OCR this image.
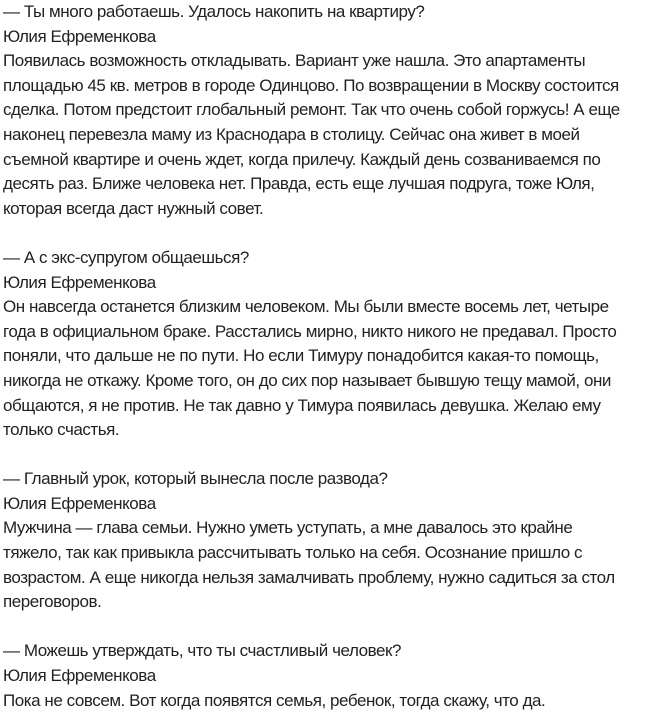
— Ты много работаешь. Удалось накопить на квартиру?
Юлия Ефременкова
Появилась возможность откладывать. Вариант уже нашла. Это апартаменты
площадью 45 кв. метров в городе Одинцово. По возвращении в Москву состоится
сделка. Потом предстоит глобальный ремонт. Так что очень собой горжусь! А еще
наконец перевезла маму из Краснодара в столицу. Сейчас она живет в моей
съемной квартире и очень ждет, когда прилечу. Каждый день созваниваемся по
десять раз. Ближе человека нет. Правда, есть еще лучшая подруга, тоже Юля,
которая всегда даст нужный совет.
— А с экс-супругом общаешься?
Юлия Ефременкова
Он навсегда останется близким человеком. Мы были вместе восемь лет, четыре
года в официальном браке. Расстались мирно, никто никого не предавал. Просто
поняли, что дальше не по пути. Но если Тимуру понадобится какая-то помощь,
никогда не откажу. Кроме того, он до сих пор называет бывшую тещу мамой, они
общаются, я не против. Не так давно у Тимура появилась девушка. Желаю ему
только счастья.
— Главный урок, который вынесла после развода?
Юлия Ефременкова
Мужчина — глава семьи. Нужно уметь уступать, а мне давалось это крайне
тяжело, так как привыкла рассчитывать только на себя. Осознание пришло с
возрастом. А еще никогда нельзя замалчивать проблему, нужно садиться за стол
переговоров.
— Можешь утверждать, что ты счастливый человек?
Юлия Ефременкова
Пока не совсем. Вот когда появятся семья, ребенок, тогда скажу, что да.
